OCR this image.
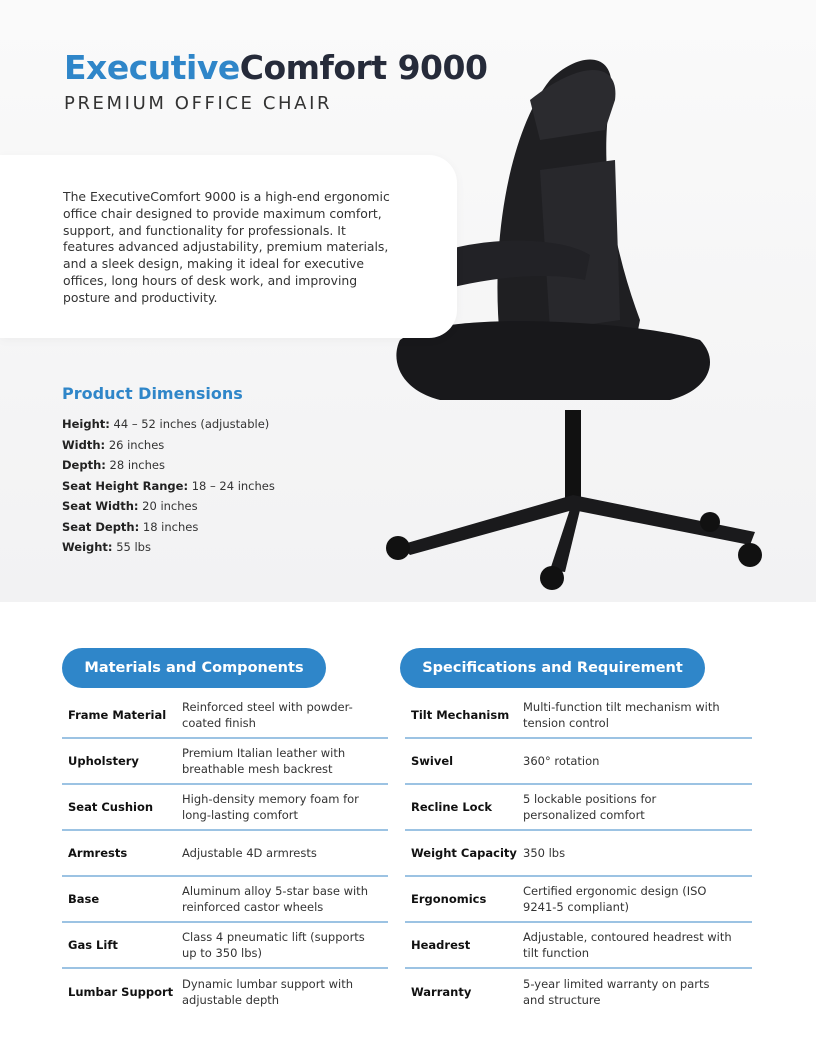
ExecutiveComfort 9000
PREMIUM OFFICE CHAIR
The ExecutiveComfort 9000 is a high-end ergonomic office chair designed to provide maximum comfort, support, and functionality for professionals. It features advanced adjustability, premium materials, and a sleek design, making it ideal for executive offices, long hours of desk work, and improving posture and productivity.
Product Dimensions
Height: 44 – 52 inches (adjustable)
Width: 26 inches
Depth: 28 inches
Seat Height Range: 18 – 24 inches
Seat Width: 20 inches
Seat Depth: 18 inches
Weight: 55 lbs
Materials and Components	Specifications and Requirement
Frame Material	Reinforced steel with powder-coated finish
Upholstery	Premium Italian leather with breathable mesh backrest
Seat Cushion	High-density memory foam for long-lasting comfort
Armrests	Adjustable 4D armrests
Base	Aluminum alloy 5-star base with reinforced castor wheels
Gas Lift	Class 4 pneumatic lift (supports up to 350 lbs)
Lumbar Support	Dynamic lumbar support with adjustable depth
Tilt Mechanism	Multi-function tilt mechanism with tension control
Swivel	360° rotation
Recline Lock	5 lockable positions for personalized comfort
Weight Capacity	350 lbs
Ergonomics	Certified ergonomic design (ISO 9241-5 compliant)
Headrest	Adjustable, contoured headrest with tilt function
Warranty	5-year limited warranty on parts and structure
